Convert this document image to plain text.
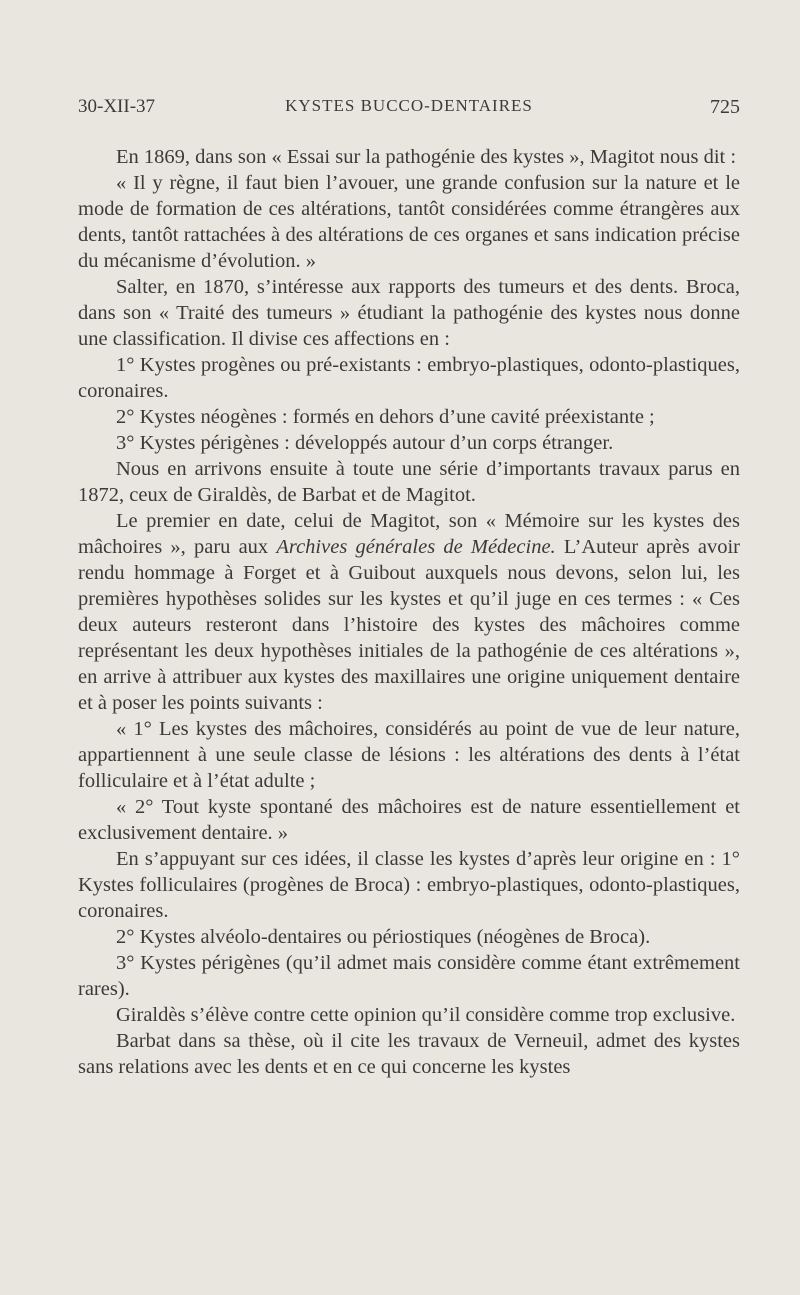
30-XII-37	KYSTES BUCCO-DENTAIRES	725

En 1869, dans son « Essai sur la pathogénie des kystes », Magitot nous dit :

« Il y règne, il faut bien l’avouer, une grande confusion sur la nature et le mode de formation de ces altérations, tantôt considérées comme étrangères aux dents, tantôt rattachées à des altérations de ces organes et sans indication précise du mécanisme d’évolution. »

Salter, en 1870, s’intéresse aux rapports des tumeurs et des dents. Broca, dans son « Traité des tumeurs » étudiant la pathogénie des kystes nous donne une classification. Il divise ces affections en :

1° Kystes progènes ou pré-existants : embryo-plastiques, odonto-plastiques, coronaires.

2° Kystes néogènes : formés en dehors d’une cavité préexistante ;

3° Kystes périgènes : développés autour d’un corps étranger.

Nous en arrivons ensuite à toute une série d’importants travaux parus en 1872, ceux de Giraldès, de Barbat et de Magitot.

Le premier en date, celui de Magitot, son « Mémoire sur les kystes des mâchoires », paru aux Archives générales de Médecine. L’Auteur après avoir rendu hommage à Forget et à Guibout auxquels nous devons, selon lui, les premières hypothèses solides sur les kystes et qu’il juge en ces termes : « Ces deux auteurs resteront dans l’histoire des kystes des mâchoires comme représentant les deux hypothèses initiales de la pathogénie de ces altérations », en arrive à attribuer aux kystes des maxillaires une origine uniquement dentaire et à poser les points suivants :

« 1° Les kystes des mâchoires, considérés au point de vue de leur nature, appartiennent à une seule classe de lésions : les altérations des dents à l’état folliculaire et à l’état adulte ;

« 2° Tout kyste spontané des mâchoires est de nature essentiellement et exclusivement dentaire. »

En s’appuyant sur ces idées, il classe les kystes d’après leur origine en : 1° Kystes folliculaires (progènes de Broca) : embryo-plastiques, odonto-plastiques, coronaires.

2° Kystes alvéolo-dentaires ou périostiques (néogènes de Broca).

3° Kystes périgènes (qu’il admet mais considère comme étant extrêmement rares).

Giraldès s’élève contre cette opinion qu’il considère comme trop exclusive.

Barbat dans sa thèse, où il cite les travaux de Verneuil, admet des kystes sans relations avec les dents et en ce qui concerne les kystes
